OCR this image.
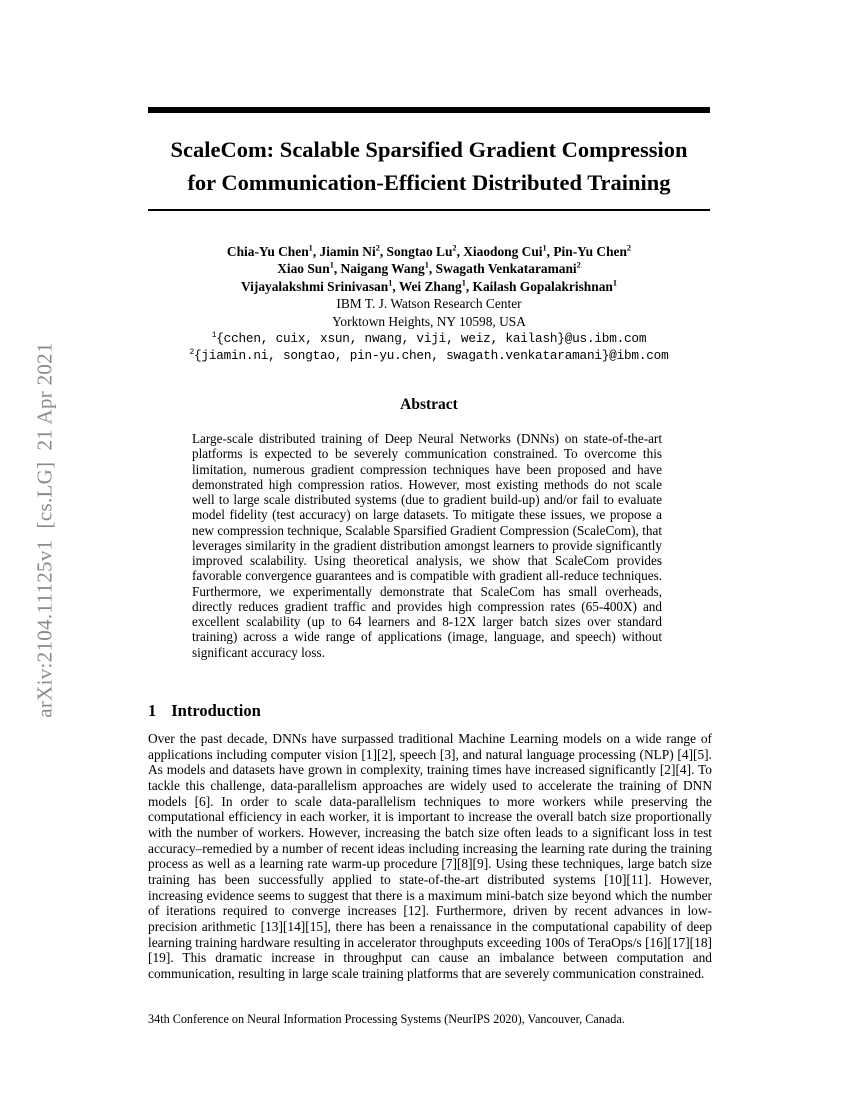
arXiv:2104.11125v1  [cs.LG]  21 Apr 2021
ScaleCom: Scalable Sparsified Gradient Compression
for Communication-Efficient Distributed Training
Chia-Yu Chen$^1$, Jiamin Ni$^2$, Songtao Lu$^2$, Xiaodong Cui$^1$, Pin-Yu Chen$^2$
Xiao Sun$^1$, Naigang Wang$^1$, Swagath Venkataramani$^2$
Vijayalakshmi Srinivasan$^1$, Wei Zhang$^1$, Kailash Gopalakrishnan$^1$
IBM T. J. Watson Research Center
Yorktown Heights, NY 10598, USA
$^1${cchen, cuix, xsun, nwang, viji, weiz, kailash}@us.ibm.com
$^2${jiamin.ni, songtao, pin-yu.chen, swagath.venkataramani}@ibm.com
Abstract
Large-scale distributed training of Deep Neural Networks (DNNs) on state-of-the-art platforms is expected to be severely communication constrained. To overcome this limitation, numerous gradient compression techniques have been proposed and have demonstrated high compression ratios. However, most existing methods do not scale well to large scale distributed systems (due to gradient build-up) and/or fail to evaluate model fidelity (test accuracy) on large datasets. To mitigate these issues, we propose a new compression technique, Scalable Sparsified Gradient Compression (ScaleCom), that leverages similarity in the gradient distribution amongst learners to provide significantly improved scalability. Using theoretical analysis, we show that ScaleCom provides favorable convergence guarantees and is compatible with gradient all-reduce techniques. Furthermore, we experimentally demonstrate that ScaleCom has small overheads, directly reduces gradient traffic and provides high compression rates (65-400X) and excellent scalability (up to 64 learners and 8-12X larger batch sizes over standard training) across a wide range of applications (image, language, and speech) without significant accuracy loss.
1 Introduction
Over the past decade, DNNs have surpassed traditional Machine Learning models on a wide range of applications including computer vision [1][2], speech [3], and natural language processing (NLP) [4][5]. As models and datasets have grown in complexity, training times have increased significantly [2][4]. To tackle this challenge, data-parallelism approaches are widely used to accelerate the training of DNN models [6]. In order to scale data-parallelism techniques to more workers while preserving the computational efficiency in each worker, it is important to increase the overall batch size proportionally with the number of workers. However, increasing the batch size often leads to a significant loss in test accuracy–remedied by a number of recent ideas including increasing the learning rate during the training process as well as a learning rate warm-up procedure [7][8][9]. Using these techniques, large batch size training has been successfully applied to state-of-the-art distributed systems [10][11]. However, increasing evidence seems to suggest that there is a maximum mini-batch size beyond which the number of iterations required to converge increases [12]. Furthermore, driven by recent advances in low-precision arithmetic [13][14][15], there has been a renaissance in the computational capability of deep learning training hardware resulting in accelerator throughputs exceeding 100s of TeraOps/s [16][17][18][19]. This dramatic increase in throughput can cause an imbalance between computation and communication, resulting in large scale training platforms that are severely communication constrained.
34th Conference on Neural Information Processing Systems (NeurIPS 2020), Vancouver, Canada.
